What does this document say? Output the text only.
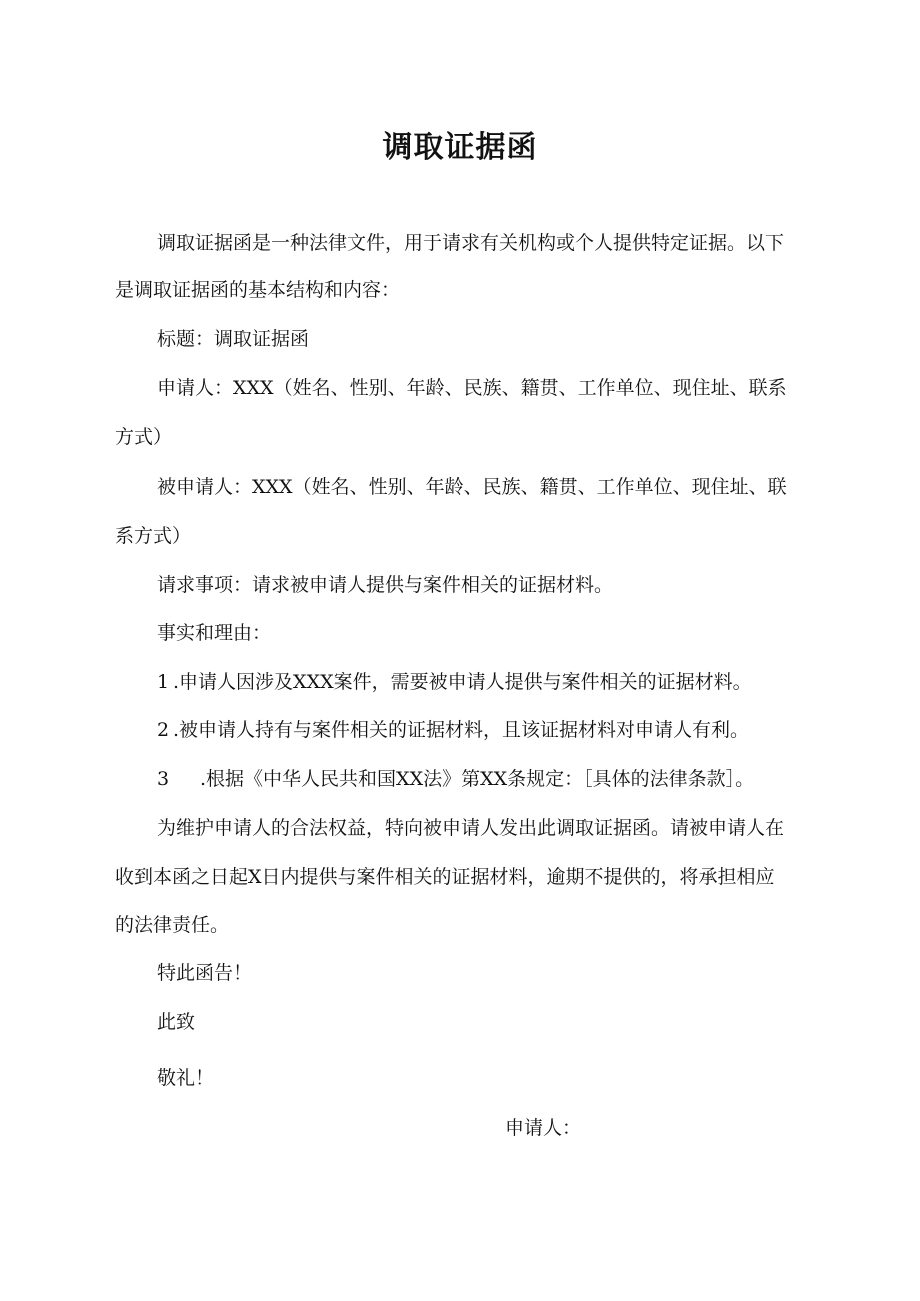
调取证据函
调取证据函是一种法律文件，用于请求有关机构或个人提供特定证据。以下
是调取证据函的基本结构和内容：
标题：调取证据函
申请人：XXX（姓名、性别、年龄、民族、籍贯、工作单位、现住址、联系
方式）
被申请人：XXX（姓名、性别、年龄、民族、籍贯、工作单位、现住址、联
系方式）
请求事项：请求被申请人提供与案件相关的证据材料。
事实和理由：
1 .申请人因涉及XXX案件，需要被申请人提供与案件相关的证据材料。
2 .被申请人持有与案件相关的证据材料，且该证据材料对申请人有利。
3 .根据《中华人民共和国XX法》第XX条规定：［具体的法律条款］。
为维护申请人的合法权益，特向被申请人发出此调取证据函。请被申请人在
收到本函之日起X日内提供与案件相关的证据材料，逾期不提供的，将承担相应
的法律责任。
特此函告！
此致
敬礼！
申请人：
